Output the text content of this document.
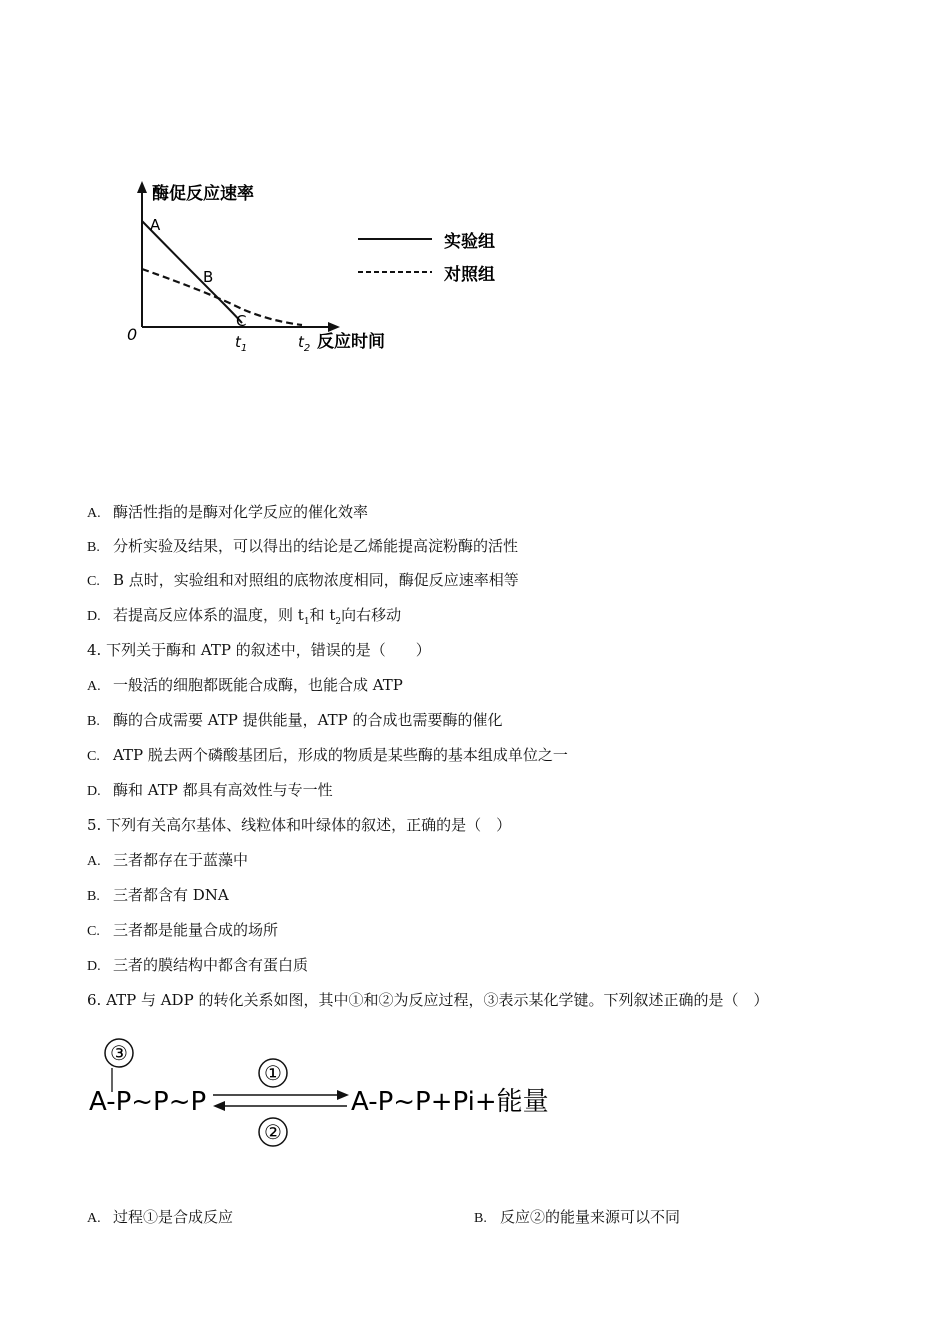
酶促反应速率
A
B
C
0	$t_1$	$t_2$ 反应时间
实验组
对照组
A. 酶活性指的是酶对化学反应的催化效率
B. 分析实验及结果，可以得出的结论是乙烯能提高淀粉酶的活性
C. B 点时，实验组和对照组的底物浓度相同，酶促反应速率相等
D. 若提高反应体系的温度，则 $t_1$和 $t_2$向右移动
4. 下列关于酶和 ATP 的叙述中，错误的是（　　）
A. 一般活的细胞都既能合成酶，也能合成 ATP
B. 酶的合成需要 ATP 提供能量，ATP 的合成也需要酶的催化
C. ATP 脱去两个磷酸基团后，形成的物质是某些酶的基本组成单位之一
D. 酶和 ATP 都具有高效性与专一性
5. 下列有关高尔基体、线粒体和叶绿体的叙述，正确的是（　）
A. 三者都存在于蓝藻中
B. 三者都含有 DNA
C. 三者都是能量合成的场所
D. 三者的膜结构中都含有蛋白质
6. ATP 与 ADP 的转化关系如图，其中①和②为反应过程，③表示某化学键。下列叙述正确的是（　）
③
A-P~P~P
①
②
A-P~P+Pi+能量
A. 过程①是合成反应	B. 反应②的能量来源可以不同
